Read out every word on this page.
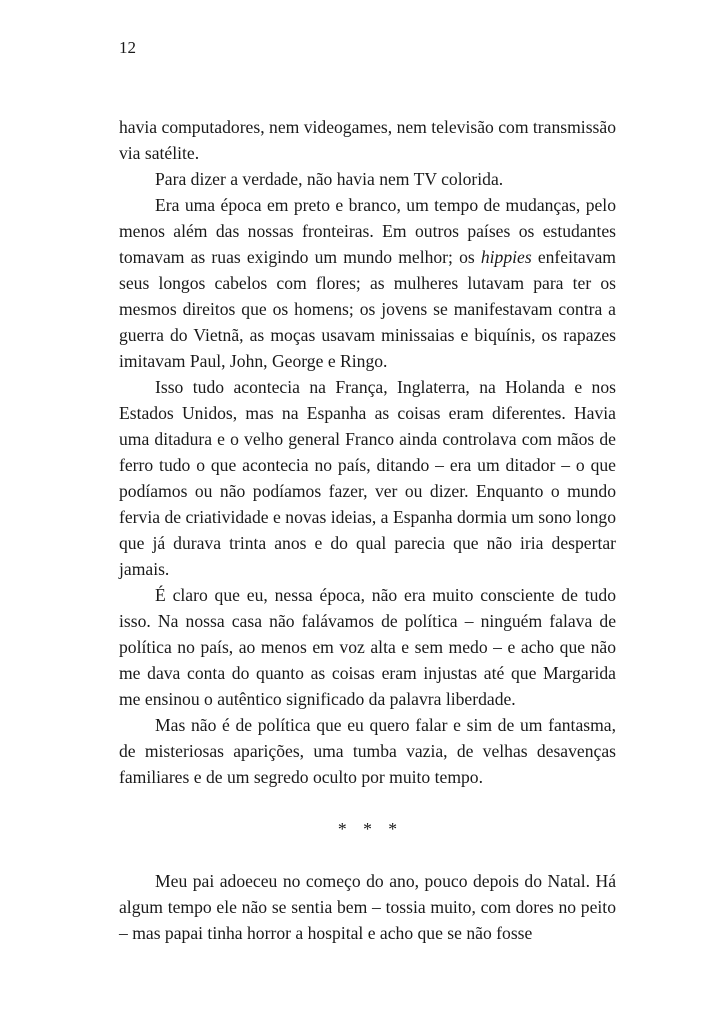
12

havia computadores, nem videogames, nem televisão com transmissão via satélite.

Para dizer a verdade, não havia nem TV colorida.

Era uma época em preto e branco, um tempo de mudanças, pelo menos além das nossas fronteiras. Em outros países os estudantes tomavam as ruas exigindo um mundo melhor; os hippies enfeitavam seus longos cabelos com flores; as mulheres lutavam para ter os mesmos direitos que os homens; os jovens se manifestavam contra a guerra do Vietnã, as moças usavam minissaias e biquínis, os rapazes imitavam Paul, John, George e Ringo.

Isso tudo acontecia na França, Inglaterra, na Holanda e nos Estados Unidos, mas na Espanha as coisas eram diferentes. Havia uma ditadura e o velho general Franco ainda controlava com mãos de ferro tudo o que acontecia no país, ditando – era um ditador – o que podíamos ou não podíamos fazer, ver ou dizer. Enquanto o mundo fervia de criatividade e novas ideias, a Espanha dormia um sono longo que já durava trinta anos e do qual parecia que não iria despertar jamais.

É claro que eu, nessa época, não era muito consciente de tudo isso. Na nossa casa não falávamos de política – ninguém falava de política no país, ao menos em voz alta e sem medo – e acho que não me dava conta do quanto as coisas eram injustas até que Margarida me ensinou o autêntico significado da palavra liberdade.

Mas não é de política que eu quero falar e sim de um fantasma, de misteriosas aparições, uma tumba vazia, de velhas desavenças familiares e de um segredo oculto por muito tempo.

* * *

Meu pai adoeceu no começo do ano, pouco depois do Natal. Há algum tempo ele não se sentia bem – tossia muito, com dores no peito – mas papai tinha horror a hospital e acho que se não fosse
